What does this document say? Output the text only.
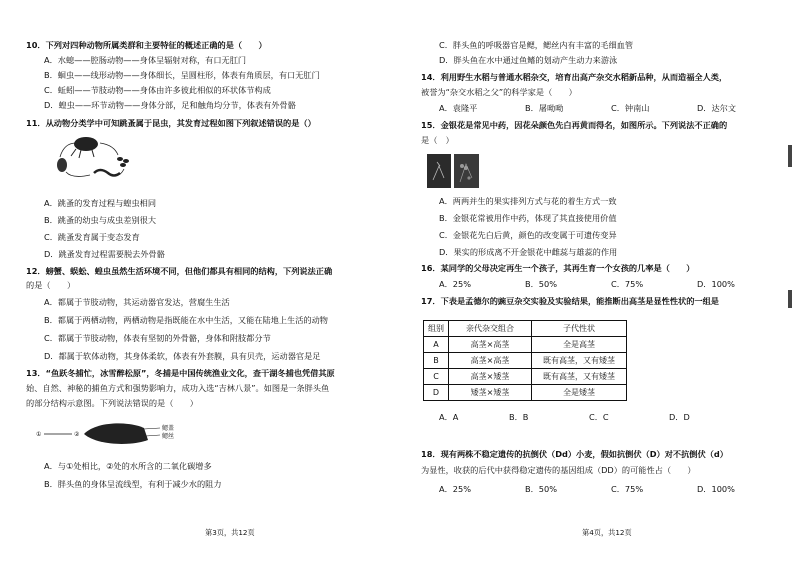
10．下列对四种动物所属类群和主要特征的概述正确的是（　　）
A．水螅——腔肠动物——身体呈辐射对称，有口无肛门
B．蛔虫——线形动物——身体细长，呈圆柱形，体表有角质层，有口无肛门
C．蚯蚓——节肢动物——身体由许多彼此相似的环状体节构成
D．蝗虫——环节动物——身体分部，足和触角均分节，体表有外骨骼
11．从动物分类学中可知跳蚤属于昆虫，其发育过程如图下列叙述错误的是（）
A．跳蚤的发育过程与蝗虫相同
B．跳蚤的幼虫与成虫差别很大
C．跳蚤发育属于变态发育
D．跳蚤发育过程需要脱去外骨骼
12．螃蟹、蜈蚣、蝗虫虽然生活环境不同，但他们都具有相同的结构，下列说法正确
的是（　　）
A．都属于节肢动物，其运动器官发达，营腐生生活
B．都属于两栖动物，两栖动物是指既能在水中生活，又能在陆地上生活的动物
C．都属于节肢动物，体表有坚韧的外骨骼，身体和附肢都分节
D．都属于软体动物，其身体柔软，体表有外套膜，具有贝壳，运动器官是足
13．“鱼跃冬捕忙，冰雪醉松原”，冬捕是中国传统渔业文化，查干湖冬捕也凭借其原
始、自然、神秘的捕鱼方式和强势影响力，成功入选“吉林八景”。如图是一条胖头鱼
的部分结构示意图。下列说法错误的是（　　）
①	②
鳃盖
鳃丝
A．与①处相比，②处的水所含的二氧化碳增多
B．胖头鱼的身体呈流线型，有利于减少水的阻力
第3页，共12页
C．胖头鱼的呼吸器官是鳃，鳃丝内有丰富的毛细血管
D．胖头鱼在水中通过鱼鳍的划动产生动力来游泳
14．利用野生水稻与普通水稻杂交，培育出高产杂交水稻新品种，从而造福全人类，
被誉为“杂交水稻之父”的科学家是（　　）
A．袁隆平	B．屠呦呦	C．钟南山	D．达尔文
15．金银花是常见中药，因花朵颜色先白再黄而得名，如图所示。下列说法不正确的
是（　）
A．两两并生的果实排列方式与花的着生方式一致
B．金银花常被用作中药，体现了其直接使用价值
C．金银花先白后黄，颜色的改变属于可遗传变异
D．果实的形成离不开金银花中雌蕊与雄蕊的作用
16．某同学的父母决定再生一个孩子，其再生育一个女孩的几率是（　　）
A．25%	B．50%	C．75%	D．100%
17．下表是孟德尔的豌豆杂交实验及实验结果，能推断出高茎是显性性状的一组是
组别	亲代杂交组合	子代性状
A	高茎×高茎	全是高茎
B	高茎×高茎	既有高茎，又有矮茎
C	高茎×矮茎	既有高茎，又有矮茎
D	矮茎×矮茎	全是矮茎
A．A	B．B	C．C	D．D
18．现有两株不稳定遗传的抗倒伏（Dd）小麦，假如抗倒伏（D）对不抗倒伏（d）
为显性，收获的后代中获得稳定遗传的基因组成（DD）的可能性占（　　）
A．25%	B．50%	C．75%	D．100%
第4页，共12页
